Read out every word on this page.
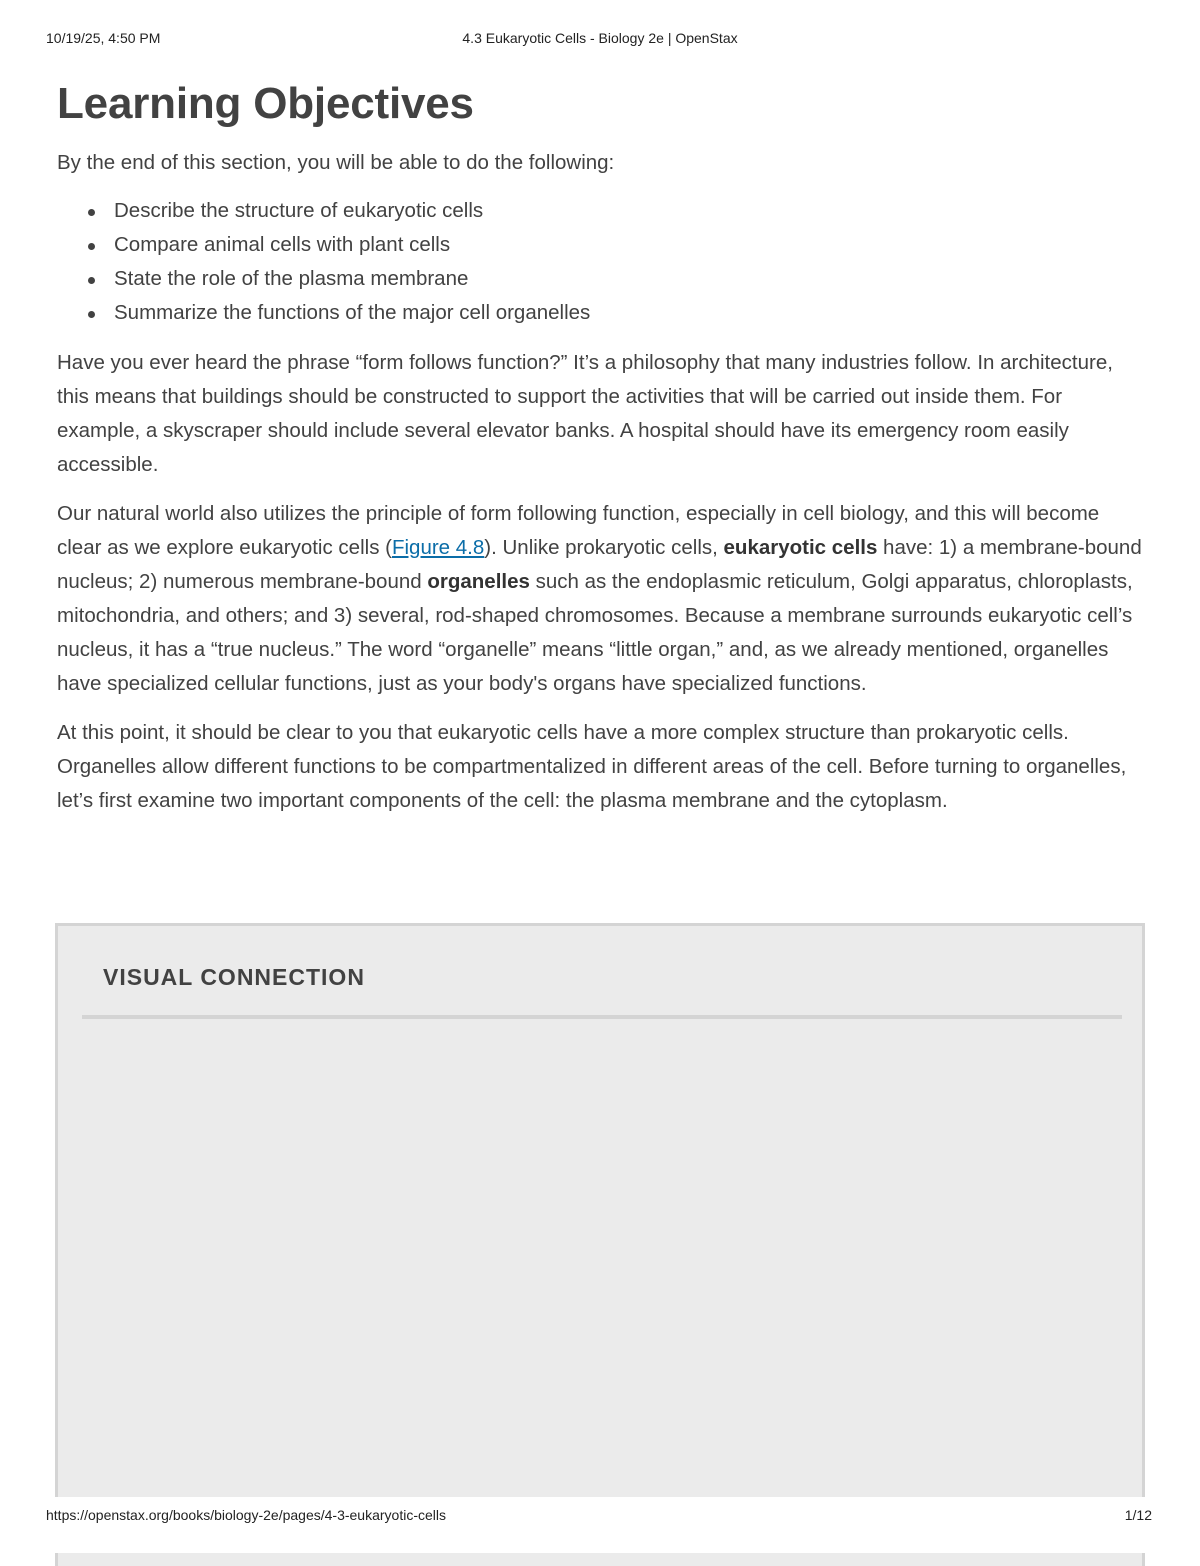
10/19/25, 4:50 PM	4.3 Eukaryotic Cells - Biology 2e | OpenStax
Learning Objectives

By the end of this section, you will be able to do the following:

Describe the structure of eukaryotic cells
Compare animal cells with plant cells
State the role of the plasma membrane
Summarize the functions of the major cell organelles

Have you ever heard the phrase “form follows function?” It’s a philosophy that many industries follow. In architecture, this means that buildings should be constructed to support the activities that will be carried out inside them. For example, a skyscraper should include several elevator banks. A hospital should have its emergency room easily accessible.

Our natural world also utilizes the principle of form following function, especially in cell biology, and this will become clear as we explore eukaryotic cells (Figure 4.8). Unlike prokaryotic cells, eukaryotic cells have: 1) a membrane-bound nucleus; 2) numerous membrane-bound organelles such as the endoplasmic reticulum, Golgi apparatus, chloroplasts, mitochondria, and others; and 3) several, rod-shaped chromosomes. Because a membrane surrounds eukaryotic cell’s nucleus, it has a “true nucleus.” The word “organelle” means “little organ,” and, as we already mentioned, organelles have specialized cellular functions, just as your body's organs have specialized functions.

At this point, it should be clear to you that eukaryotic cells have a more complex structure than prokaryotic cells. Organelles allow different functions to be compartmentalized in different areas of the cell. Before turning to organelles, let’s first examine two important components of the cell: the plasma membrane and the cytoplasm.

VISUAL CONNECTION
https://openstax.org/books/biology-2e/pages/4-3-eukaryotic-cells	1/12
